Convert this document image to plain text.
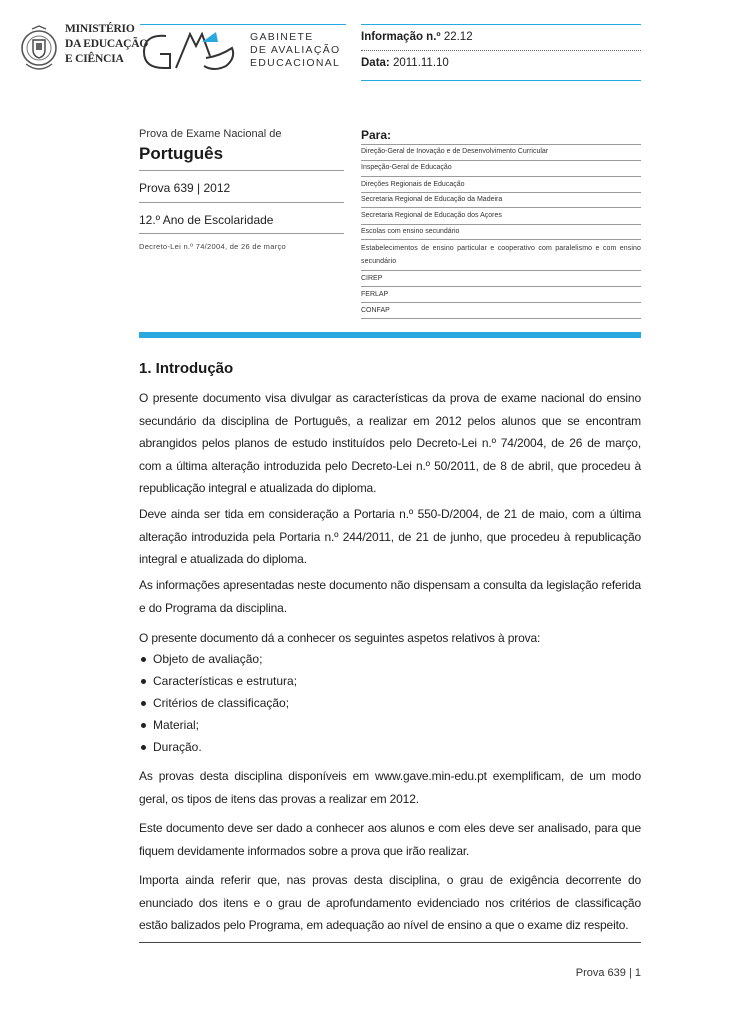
MINISTÉRIO
DA EDUCAÇÃO
E CIÊNCIA
GABINETE
DE AVALIAÇÃO
EDUCACIONAL
Informação n.º 22.12
Data: 2011.11.10
Prova de Exame Nacional de
Português
Prova 639 | 2012
12.º Ano de Escolaridade
Decreto-Lei n.º 74/2004, de 26 de março
Para:
Direção-Geral de Inovação e de Desenvolvimento Curricular
Inspeção-Geral de Educação
Direções Regionais de Educação
Secretaria Regional de Educação da Madeira
Secretaria Regional de Educação dos Açores
Escolas com ensino secundário
Estabelecimentos de ensino particular e cooperativo com paralelismo e com ensino secundário
CIREP
FERLAP
CONFAP
1. Introdução
O presente documento visa divulgar as características da prova de exame nacional do ensino secundário da disciplina de Português, a realizar em 2012 pelos alunos que se encontram abrangidos pelos planos de estudo instituídos pelo Decreto-Lei n.º 74/2004, de 26 de março, com a última alteração introduzida pelo Decreto-Lei n.º 50/2011, de 8 de abril, que procedeu à republicação integral e atualizada do diploma.
Deve ainda ser tida em consideração a Portaria n.º 550-D/2004, de 21 de maio, com a última alteração introduzida pela Portaria n.º 244/2011, de 21 de junho, que procedeu à republicação integral e atualizada do diploma.
As informações apresentadas neste documento não dispensam a consulta da legislação referida e do Programa da disciplina.
O presente documento dá a conhecer os seguintes aspetos relativos à prova:
Objeto de avaliação;
Características e estrutura;
Critérios de classificação;
Material;
Duração.
As provas desta disciplina disponíveis em www.gave.min-edu.pt exemplificam, de um modo geral, os tipos de itens das provas a realizar em 2012.
Este documento deve ser dado a conhecer aos alunos e com eles deve ser analisado, para que fiquem devidamente informados sobre a prova que irão realizar.
Importa ainda referir que, nas provas desta disciplina, o grau de exigência decorrente do enunciado dos itens e o grau de aprofundamento evidenciado nos critérios de classificação estão balizados pelo Programa, em adequação ao nível de ensino a que o exame diz respeito.
Prova 639 | 1
